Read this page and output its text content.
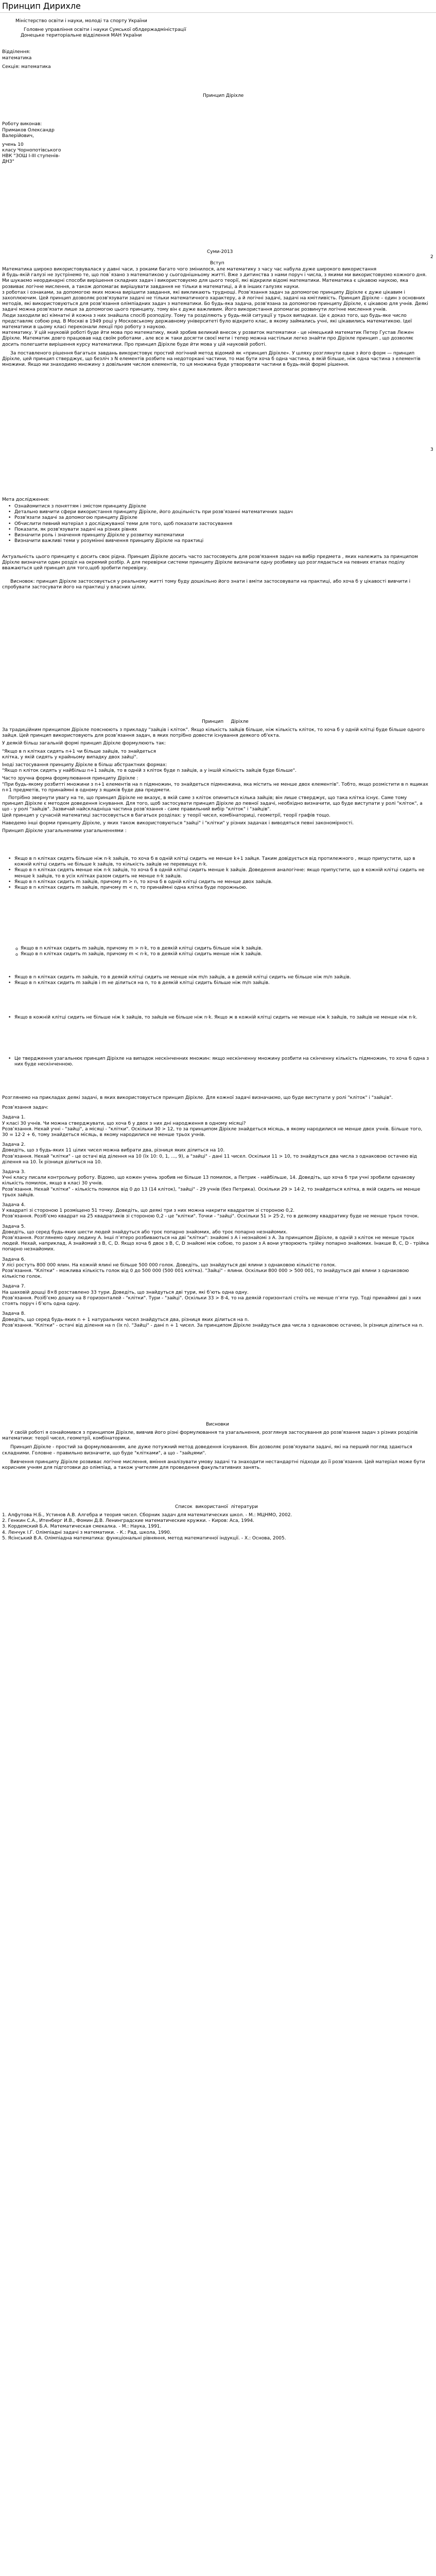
Принцип Дирихле

Міністерство освіти і науки, молоді та спорту України

Головне управління освіти і науки Сумської облдержадміністрації

Донецьке територіальне відділення МАН України

Відділення:

математика

Секція: математика

Принцип Діріхле

Роботу виконав:

Примаков Олександр

Валерійович,

учень 10

класу Чорнопотівського

НВК "ЗОШ І-ІІІ ступенів-

ДНЗ"

Суми-2013

2

Вступ

Математика широко використовувалася у давні часи, з роками багато чого змінилося, але математику з часу час набула дуже широкого використання
й будь-якій галузі не зустрінемо те, що пов`язано з математикою у сьогоднішньому житті. Вже з дитинства з нами поруч і числа, з якими ми використовуємо кожного дня. Ми шукаємо неординарні способи вирішення складних задач і використовуємо для цього теорії, які відкрили відомі математики. Математика є цікавою наукою, яка розвиває логічне мислення, а також допомагає вирішувати завдання не тільки в математиці, а й в інших галузях науки.
з роботах і ознаками, за допомогою яких можна вирішити завдання, які викликають труднощі. Розв’язання задач за допомогою принципу Діріхле є дуже цікавим і захоплюючим. Цей принцип дозволяє розв'язувати задачі не тільки математичного характеру, а й логічні задачі, задачі на кмітливість. Принцип Діріхле – один з основних методів, які використовуються для розв’язання олімпіадних задач з математики. Бо будь-яка задача, розв'язана за допомогою принципу Діріхле, є цікавою для учнів. Деякі задачі можна розв'язати лише за допомогою цього принципу, тому він є дуже важливим. Його використання допомагає розвинути логічне мислення учнів.
Люди заходили всі кімнатні й кожна з них знайшла спосіб розподілу. Тому та розділяють у будь-якій ситуації у трьох випадках. Це є доказ того, що будь-яке число представляє собою ряд. В Москві в 1949 році у Московському державному університеті було відкрито клас, в якому займались учні, які цікавились математикою. Ідеї математики в цьому класі переконали лекції про роботу з наукою.
математику. У цій науковій роботі буде йти мова про математику, який зробив великий внесок у розвиток математики - це німецький математик Петер Густав Лежен Діріхле. Математик довго працював над своїм роботами , але все ж таки досягти своєї мети і тепер можна настільки легко знайти про Діріхле принцип , що дозволяє досить полегшити вирішення курсу математики. Про принцип Діріхле буде йти мова у цій науковій роботі.

За поставленого рішення багатьох завдань використовує простий логічний метод відомий як «принцип Діріхле». У шляху розглянути одне з його форм — принцип Діріхле, цей принцип стверджує, що безліч з N елементів розбите на недоторкані частини, то має бути хоча б одна частина, в якій більше, ніж одна частина з елементів множини. Якщо ми знаходимо множину з довільним числом елементів, то ця множина буде утворювати частини в будь-якій формі рішення.

3

Мета дослідження:

• Ознайомитися з поняттям і змістом принципу Діріхле
• Детально вивчити сфери використання принципу Діріхле, його доцільність при розв’язанні математичних задач
• Розв'язати задачі за допомогою принципу Діріхле
• Обчислити певний матеріал з досліджуваної теми для того, щоб показати застосування
• Показати, як розв'язувати задачі на різних рівнях
• Визначити роль і значення принципу Діріхле у розвитку математики
• Визначити важливі теми у розумінні вивчення принципу Діріхле на практиці

Актуальність цього принципу є досить своє рідна. Принцип Діріхле досить часто застосовують для розв'язання задач на вибір предмета , яких належить за принципом Діріхле визначати один розділ на окремий розбір. А для перевірки системи принципу Діріхле визначати одну розбивку що розглядається на певних етапах поділу вважаються цей принцип для того,щоб зробити перевірку.

Висновок: принцип Діріхле застосовується у реальному житті тому буду дошкільно його знати і вміти застосовувати на практиці, або хоча б у цікавості вивчити і спробувати застосувати його на практиці у власних цілях.

Принцип     Діріхле

За традиційним принципом Діріхле пояснюють з прикладу "зайців і кліток". Якщо кількість зайців більше, ніж кількість кліток, то хоча б у одній клітці буде більше одного зайця. Цей принцип використовують для розв’язання задач, в яких потрібно довести існування деякого об'єкта.

У деякій більш загальній формі принцип Діріхле формулюють так:

"Якщо в n клітках сидять n+1 чи більше зайців, то знайдеться
клітка, у якій сидять у крайньому випадку двох зайці".

Іноді застосування принципу Діріхле в більш абстрактних формах:
"Якщо n кліток сидять у найбільш n+1 зайців, то в одній з кліток буде n зайців, а у іншій кількість зайців буде більше".

Часто зручна форма формулювання принципу Діріхле :
"При будь-якому розбитті множини з n+1 елементів на n підмножин, то знайдеться підмножина, яка містить не менше двох елементів". Тобто, якщо розмістити в n ящиках n+1 предметів, то принаймні в одному з ящиків буде два предмети.

Потрібно звернути увагу на те, що принцип Діріхле не вказує, в якій саме з кліток опиниться кілька зайців; він лише стверджує, що така клітка існує. Саме тому принцип Діріхле є методом доведення існування. Для того, щоб застосувати принцип Діріхле до певної задачі, необхідно визначити, що буде виступати у ролі "кліток", а що - у ролі "зайців". Зазвичай найскладніша частина розв’язання - саме правильний вибір "кліток" і "зайців".
Цей принцип у сучасній математиці застосовується в багатьох розділах: у теорії чисел, комбінаториці, геометрії, теорії графів тощо.

Наведемо інші форми принципу Діріхле, у яких також використовуються "зайці" і "клітки" у різних задачах і виводяться певні закономірності.

Принцип Діріхле узагальненими узагальненнями :

• Якщо в n клітках сидять більше ніж n·k зайців, то хоча б в одній клітці сидить не менше k+1 зайця. Таким довідується від протилежного , якщо припустити, що в кожній клітці сидить не більше k зайців, то кількість зайців не перевищує n·k.
• Якщо в n клітках сидять менше ніж n·k зайців, то хоча б в одній клітці сидить менше k зайців. Доведення аналогічне: якщо припустити, що в кожній клітці сидить не менше k зайців, то в усіх клітках разом сидить не менше n·k зайців.
• Якщо в n клітках сидить m зайців, причому m > n, то хоча б в одній клітці сидить не менше двох зайців.
• Якщо в n клітках сидить m зайців, причому m < n, то принаймні одна клітка буде порожньою.
o Якщо в n клітках сидить m зайців, причому m > n·k, то в деякій клітці сидить більше ніж k зайців.
o Якщо в n клітках сидить m зайців, причому m < n·k, то в деякій клітці сидить менше ніж k зайців.
• Якщо в n клітках сидить m зайців, то в деякій клітці сидить не менше ніж m/n зайців, а в деякій клітці сидить не більше ніж m/n зайців.
• Якщо в n клітках сидить m зайців і m не ділиться на n, то в деякій клітці сидить більше ніж m/n зайців.
• Якщо в кожній клітці сидить не більше ніж k зайців, то зайців не більше ніж n·k. Якщо ж в кожній клітці сидить не менше ніж k зайців, то зайців не менше ніж n·k.
• Це твердження узагальнює принцип Діріхле на випадок нескінченних множин: якщо нескінченну множину розбити на скінченну кількість підмножин, то хоча б одна з них буде нескінченною.

Розглянемо на прикладах деякі задачі, в яких використовується принцип Діріхле. Для кожної задачі визначаємо, що буде виступати у ролі "кліток" і "зайців".

Розв’язання задач:

Задача 1.

У класі 30 учнів. Чи можна стверджувати, що хоча б у двох з них дні народження в одному місяці?
Розв’язання. Нехай учні - "зайці", а місяці - "клітки". Оскільки 30 > 12, то за принципом Діріхле знайдеться місяць, в якому народилися не менше двох учнів. Більше того, 30 = 12·2 + 6, тому знайдеться місяць, в якому народилися не менше трьох учнів.

Задача 2.

Доведіть, що з будь-яких 11 цілих чисел можна вибрати два, різниця яких ділиться на 10.
Розв’язання. Нехай "клітки" - це остачі від ділення на 10 (їх 10: 0, 1, ..., 9), а "зайці" - дані 11 чисел. Оскільки 11 > 10, то знайдуться два числа з однаковою остачею від ділення на 10. Їх різниця ділиться на 10.

Задача 3.

Учні класу писали контрольну роботу. Відомо, що кожен учень зробив не більше 13 помилок, а Петрик - найбільше, 14. Доведіть, що хоча б три учні зробили однакову кількість помилок, якщо в класі 30 учнів.
Розв’язання. Нехай "клітки" - кількість помилок від 0 до 13 (14 кліток), "зайці" - 29 учнів (без Петрика). Оскільки 29 > 14·2, то знайдеться клітка, в якій сидить не менше трьох зайців.

Задача 4.

У квадраті зі стороною 1 розміщено 51 точку. Доведіть, що деякі три з них можна накрити квадратом зі стороною 0,2.
Розв’язання. Розіб’ємо квадрат на 25 квадратиків зі стороною 0,2 - це "клітки". Точки - "зайці". Оскільки 51 > 25·2, то в деякому квадратику буде не менше трьох точок.

Задача 5.

Доведіть, що серед будь-яких шести людей знайдуться або троє попарно знайомих, або троє попарно незнайомих.
Розв’язання. Розглянемо одну людину А. Інші п’ятеро розбиваються на дві "клітки": знайомі з А і незнайомі з А. За принципом Діріхле, в одній з кліток не менше трьох людей. Нехай, наприклад, А знайомий з B, C, D. Якщо хоча б двоє з B, C, D знайомі між собою, то разом з А вони утворюють трійку попарно знайомих. Інакше B, C, D - трійка попарно незнайомих.

Задача 6.

У лісі ростуть 800 000 ялин. На кожній ялині не більше 500 000 голок. Доведіть, що знайдуться дві ялини з однаковою кількістю голок.
Розв’язання. "Клітки" - можлива кількість голок від 0 до 500 000 (500 001 клітка). "Зайці" - ялини. Оскільки 800 000 > 500 001, то знайдуться дві ялини з однаковою кількістю голок.

Задача 7.

На шаховій дошці 8×8 розставлено 33 тури. Доведіть, що знайдуться дві тури, які б’ють одна одну.
Розв’язання. Розіб’ємо дошку на 8 горизонталей - "клітки". Тури - "зайці". Оскільки 33 > 8·4, то на деякій горизонталі стоїть не менше п’яти тур. Тоді принаймні дві з них стоять поруч і б’ють одна одну.

Задача 8.

Доведіть, що серед будь-яких n + 1 натуральних чисел знайдуться два, різниця яких ділиться на n.
Розв’язання. "Клітки" - остачі від ділення на n (їх n). "Зайці" - дані n + 1 чисел. За принципом Діріхле знайдуться два числа з однаковою остачею, їх різниця ділиться на n.

Висновки

У своїй роботі я ознайомився з принципом Діріхле, вивчив його різні формулювання та узагальнення, розглянув застосування до розв’язання задач з різних розділів математики: теорії чисел, геометрії, комбінаторики.

Принцип Діріхле - простий за формулюванням, але дуже потужний метод доведення існування. Він дозволяє розв’язувати задачі, які на перший погляд здаються складними. Головне - правильно визначити, що буде "клітками", а що - "зайцями".

Вивчення принципу Діріхле розвиває логічне мислення, вміння аналізувати умову задачі та знаходити нестандартні підходи до її розв’язання. Цей матеріал може бути корисним учням для підготовки до олімпіад, а також учителям для проведення факультативних занять.

Список  використаної  літератури

1. Алфутова Н.Б., Устинов А.В. Алгебра и теория чисел. Сборник задач для математических школ. - М.: МЦНМО, 2002.

2. Генкин С.А., Итенберг И.В., Фомин Д.В. Ленинградские математические кружки. - Киров: Аса, 1994.

3. Кордемский Б.А. Математическая смекалка. - М.: Наука, 1991.

4. Ленчук І.Г. Олімпіадні задачі з математики. - К.: Рад. школа, 1990.

5. Ясінський В.А. Олімпіадна математика: функціональні рівняння, метод математичної індукції. - Х.: Основа, 2005.
